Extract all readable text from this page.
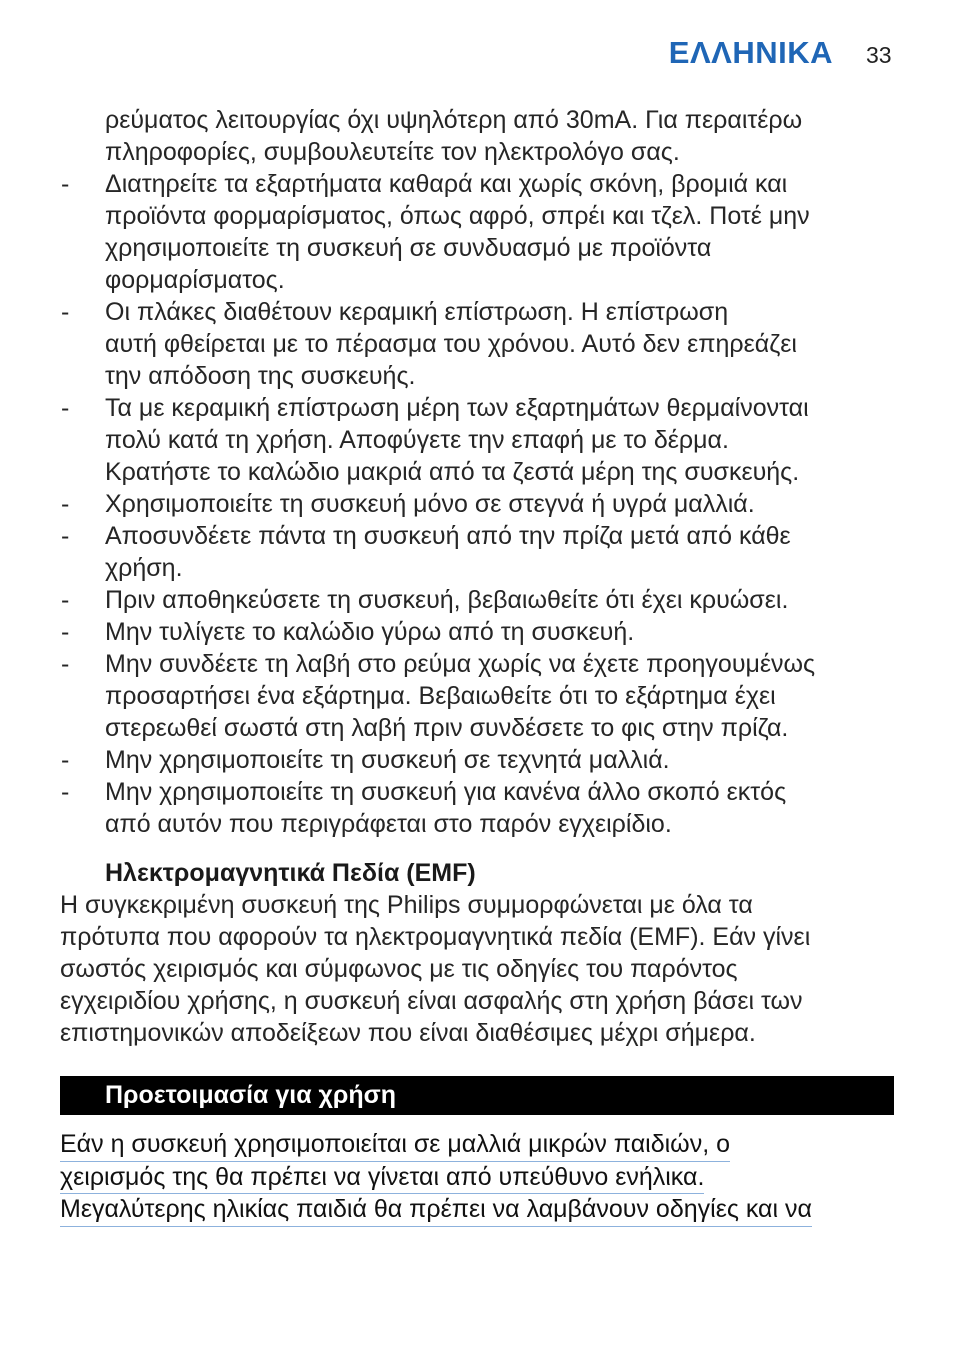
ΕΛΛΗΝΙΚΑ 33
ρεύματος λειτουργίας όχι υψηλότερη από 30mA. Για περαιτέρω
πληροφορίες, συμβουλευτείτε τον ηλεκτρολόγο σας.
- Διατηρείτε τα εξαρτήματα καθαρά και χωρίς σκόνη, βρομιά και
προϊόντα φορμαρίσματος, όπως αφρό, σπρέι και τζελ. Ποτέ μην
χρησιμοποιείτε τη συσκευή σε συνδυασμό με προϊόντα
φορμαρίσματος.
- Οι πλάκες διαθέτουν κεραμική επίστρωση. Η επίστρωση
αυτή φθείρεται με το πέρασμα του χρόνου. Αυτό δεν επηρεάζει
την απόδοση της συσκευής.
- Τα με κεραμική επίστρωση μέρη των εξαρτημάτων θερμαίνονται
πολύ κατά τη χρήση. Αποφύγετε την επαφή με το δέρμα.
Κρατήστε το καλώδιο μακριά από τα ζεστά μέρη της συσκευής.
- Χρησιμοποιείτε τη συσκευή μόνο σε στεγνά ή υγρά μαλλιά.
- Αποσυνδέετε πάντα τη συσκευή από την πρίζα μετά από κάθε
χρήση.
- Πριν αποθηκεύσετε τη συσκευή, βεβαιωθείτε ότι έχει κρυώσει.
- Μην τυλίγετε το καλώδιο γύρω από τη συσκευή.
- Μην συνδέετε τη λαβή στο ρεύμα χωρίς να έχετε προηγουμένως
προσαρτήσει ένα εξάρτημα. Βεβαιωθείτε ότι το εξάρτημα έχει
στερεωθεί σωστά στη λαβή πριν συνδέσετε το φις στην πρίζα.
- Μην χρησιμοποιείτε τη συσκευή σε τεχνητά μαλλιά.
- Μην χρησιμοποιείτε τη συσκευή για κανένα άλλο σκοπό εκτός
από αυτόν που περιγράφεται στο παρόν εγχειρίδιο.
Ηλεκτρομαγνητικά Πεδία (EMF)
Η συγκεκριμένη συσκευή της Philips συμμορφώνεται με όλα τα
πρότυπα που αφορούν τα ηλεκτρομαγνητικά πεδία (EMF). Εάν γίνει
σωστός χειρισμός και σύμφωνος με τις οδηγίες του παρόντος
εγχειριδίου χρήσης, η συσκευή είναι ασφαλής στη χρήση βάσει των
επιστημονικών αποδείξεων που είναι διαθέσιμες μέχρι σήμερα.
Προετοιμασία για χρήση
Εάν η συσκευή χρησιμοποιείται σε μαλλιά μικρών παιδιών, ο
χειρισμός της θα πρέπει να γίνεται από υπεύθυνο ενήλικα.
Μεγαλύτερης ηλικίας παιδιά θα πρέπει να λαμβάνουν οδηγίες και να
